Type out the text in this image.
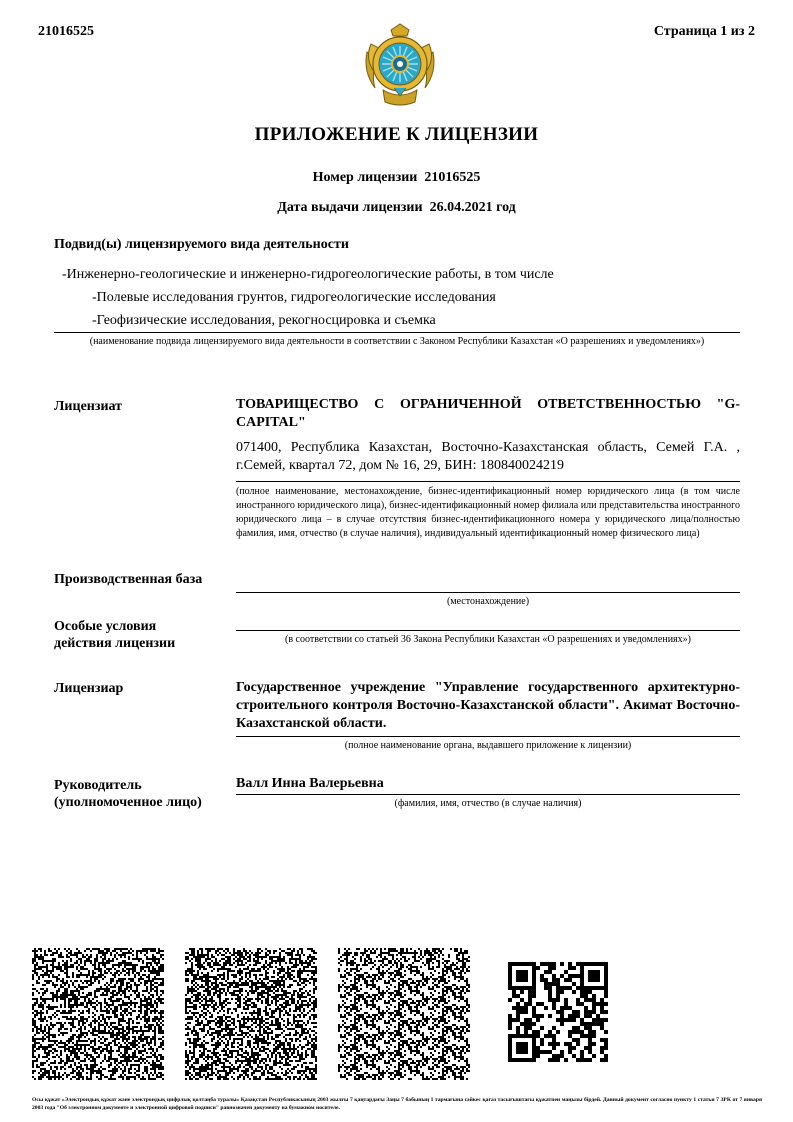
21016525	Страница 1 из 2
ПРИЛОЖЕНИЕ К ЛИЦЕНЗИИ
Номер лицензии 21016525
Дата выдачи лицензии 26.04.2021 год
Подвид(ы) лицензируемого вида деятельности
-Инженерно-геологические и инженерно-гидрогеологические работы, в том числе
-Полевые исследования грунтов, гидрогеологические исследования
-Геофизические исследования, рекогносцировка и съемка
(наименование подвида лицензируемого вида деятельности в соответствии с Законом Республики Казахстан «О разрешениях и уведомлениях»)
Лицензиат	ТОВАРИЩЕСТВО С ОГРАНИЧЕННОЙ ОТВЕТСТВЕННОСТЬЮ "G-CAPITAL"
071400, Республика Казахстан, Восточно-Казахстанская область, Семей Г.А. , г.Семей, квартал 72, дом № 16, 29, БИН: 180840024219
(полное наименование, местонахождение, бизнес-идентификационный номер юридического лица (в том числе иностранного юридического лица), бизнес-идентификационный номер филиала или представительства иностранного юридического лица – в случае отсутствия бизнес-идентификационного номера у юридического лица/полностью фамилия, имя, отчество (в случае наличия), индивидуальный идентификационный номер физического лица)
Производственная база
(местонахождение)
Особые условия
действия лицензии	(в соответствии со статьей 36 Закона Республики Казахстан «О разрешениях и уведомлениях»)
Лицензиар	Государственное учреждение "Управление государственного архитектурно-строительного контроля Восточно-Казахстанской области". Акимат Восточно-Казахстанской области.
(полное наименование органа, выдавшего приложение к лицензии)
Руководитель
(уполномоченное лицо)
Валл Инна Валерьевна
(фамилия, имя, отчество (в случае наличия)
Осы құжат «Электрондық құжат және электрондық цифрлық қолтаңба туралы» Қазақстан Республикасының 2003 жылғы 7 қаңтардағы Заңы 7 бабының 1 тармағына сәйкес қағаз тасығыштағы құжатпен маңызы бірдей. Данный документ согласно пункту 1 статьи 7 ЗРК от 7 января 2003 года "Об электронном документе и электронной цифровой подписи" равнозначен документу на бумажном носителе.
